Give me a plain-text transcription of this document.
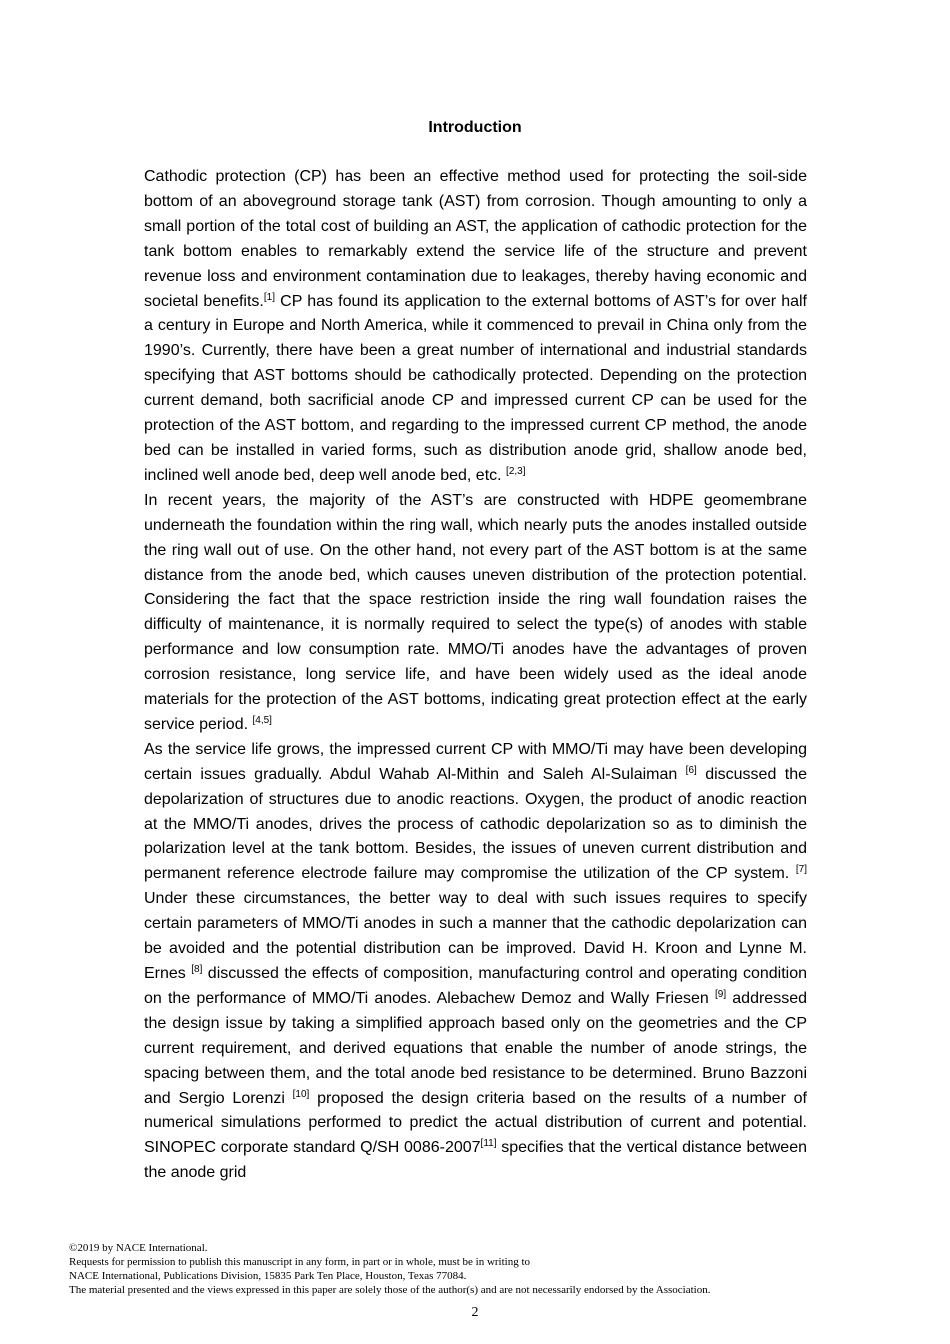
Introduction

Cathodic protection (CP) has been an effective method used for protecting the soil-side bottom of an aboveground storage tank (AST) from corrosion. Though amounting to only a small portion of the total cost of building an AST, the application of cathodic protection for the tank bottom enables to remarkably extend the service life of the structure and prevent revenue loss and environment contamination due to leakages, thereby having economic and societal benefits.[1] CP has found its application to the external bottoms of AST’s for over half a century in Europe and North America, while it commenced to prevail in China only from the 1990’s. Currently, there have been a great number of international and industrial standards specifying that AST bottoms should be cathodically protected. Depending on the protection current demand, both sacrificial anode CP and impressed current CP can be used for the protection of the AST bottom, and regarding to the impressed current CP method, the anode bed can be installed in varied forms, such as distribution anode grid, shallow anode bed, inclined well anode bed, deep well anode bed, etc. [2,3]

In recent years, the majority of the AST’s are constructed with HDPE geomembrane underneath the foundation within the ring wall, which nearly puts the anodes installed outside the ring wall out of use. On the other hand, not every part of the AST bottom is at the same distance from the anode bed, which causes uneven distribution of the protection potential. Considering the fact that the space restriction inside the ring wall foundation raises the difficulty of maintenance, it is normally required to select the type(s) of anodes with stable performance and low consumption rate. MMO/Ti anodes have the advantages of proven corrosion resistance, long service life, and have been widely used as the ideal anode materials for the protection of the AST bottoms, indicating great protection effect at the early service period. [4,5]

As the service life grows, the impressed current CP with MMO/Ti may have been developing certain issues gradually. Abdul Wahab Al-Mithin and Saleh Al-Sulaiman [6] discussed the depolarization of structures due to anodic reactions. Oxygen, the product of anodic reaction at the MMO/Ti anodes, drives the process of cathodic depolarization so as to diminish the polarization level at the tank bottom. Besides, the issues of uneven current distribution and permanent reference electrode failure may compromise the utilization of the CP system. [7] Under these circumstances, the better way to deal with such issues requires to specify certain parameters of MMO/Ti anodes in such a manner that the cathodic depolarization can be avoided and the potential distribution can be improved. David H. Kroon and Lynne M. Ernes [8] discussed the effects of composition, manufacturing control and operating condition on the performance of MMO/Ti anodes. Alebachew Demoz and Wally Friesen [9] addressed the design issue by taking a simplified approach based only on the geometries and the CP current requirement, and derived equations that enable the number of anode strings, the spacing between them, and the total anode bed resistance to be determined. Bruno Bazzoni and Sergio Lorenzi [10] proposed the design criteria based on the results of a number of numerical simulations performed to predict the actual distribution of current and potential. SINOPEC corporate standard Q/SH 0086-2007[11] specifies that the vertical distance between the anode grid

©2019 by NACE International.
Requests for permission to publish this manuscript in any form, in part or in whole, must be in writing to
NACE International, Publications Division, 15835 Park Ten Place, Houston, Texas 77084.
The material presented and the views expressed in this paper are solely those of the author(s) and are not necessarily endorsed by the Association.
2
